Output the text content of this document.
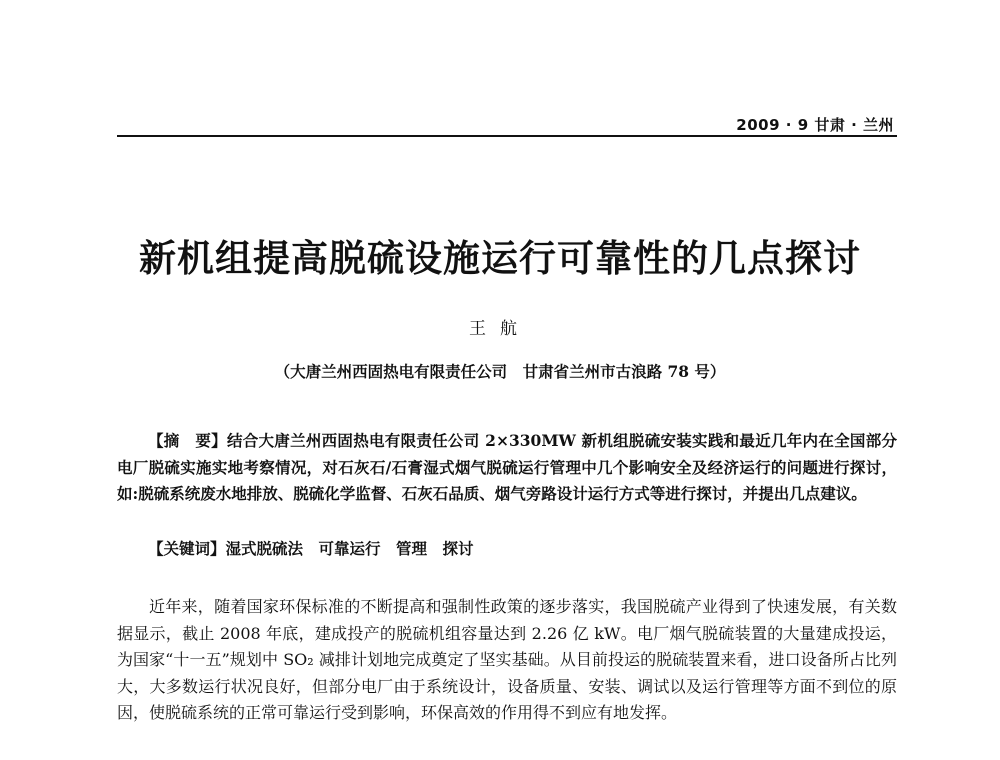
2009 · 9 甘肃 · 兰州
新机组提高脱硫设施运行可靠性的几点探讨
王航
（大唐兰州西固热电有限责任公司　甘肃省兰州市古浪路 78 号）
【摘　要】结合大唐兰州西固热电有限责任公司 2×330MW 新机组脱硫安装实践和最近几年内在全国部分电厂脱硫实施实地考察情况，对石灰石/石膏湿式烟气脱硫运行管理中几个影响安全及经济运行的问题进行探讨，如:脱硫系统废水地排放、脱硫化学监督、石灰石品质、烟气旁路设计运行方式等进行探讨，并提出几点建议。
【关键词】湿式脱硫法　可靠运行　管理　探讨
近年来，随着国家环保标准的不断提高和强制性政策的逐步落实，我国脱硫产业得到了快速发展，有关数据显示，截止 2008 年底，建成投产的脱硫机组容量达到 2.26 亿 kW。电厂烟气脱硫装置的大量建成投运，为国家“十一五”规划中 SO₂ 减排计划地完成奠定了坚实基础。从目前投运的脱硫装置来看，进口设备所占比列大，大多数运行状况良好，但部分电厂由于系统设计，设备质量、安装、调试以及运行管理等方面不到位的原因，使脱硫系统的正常可靠运行受到影响，环保高效的作用得不到应有地发挥。
